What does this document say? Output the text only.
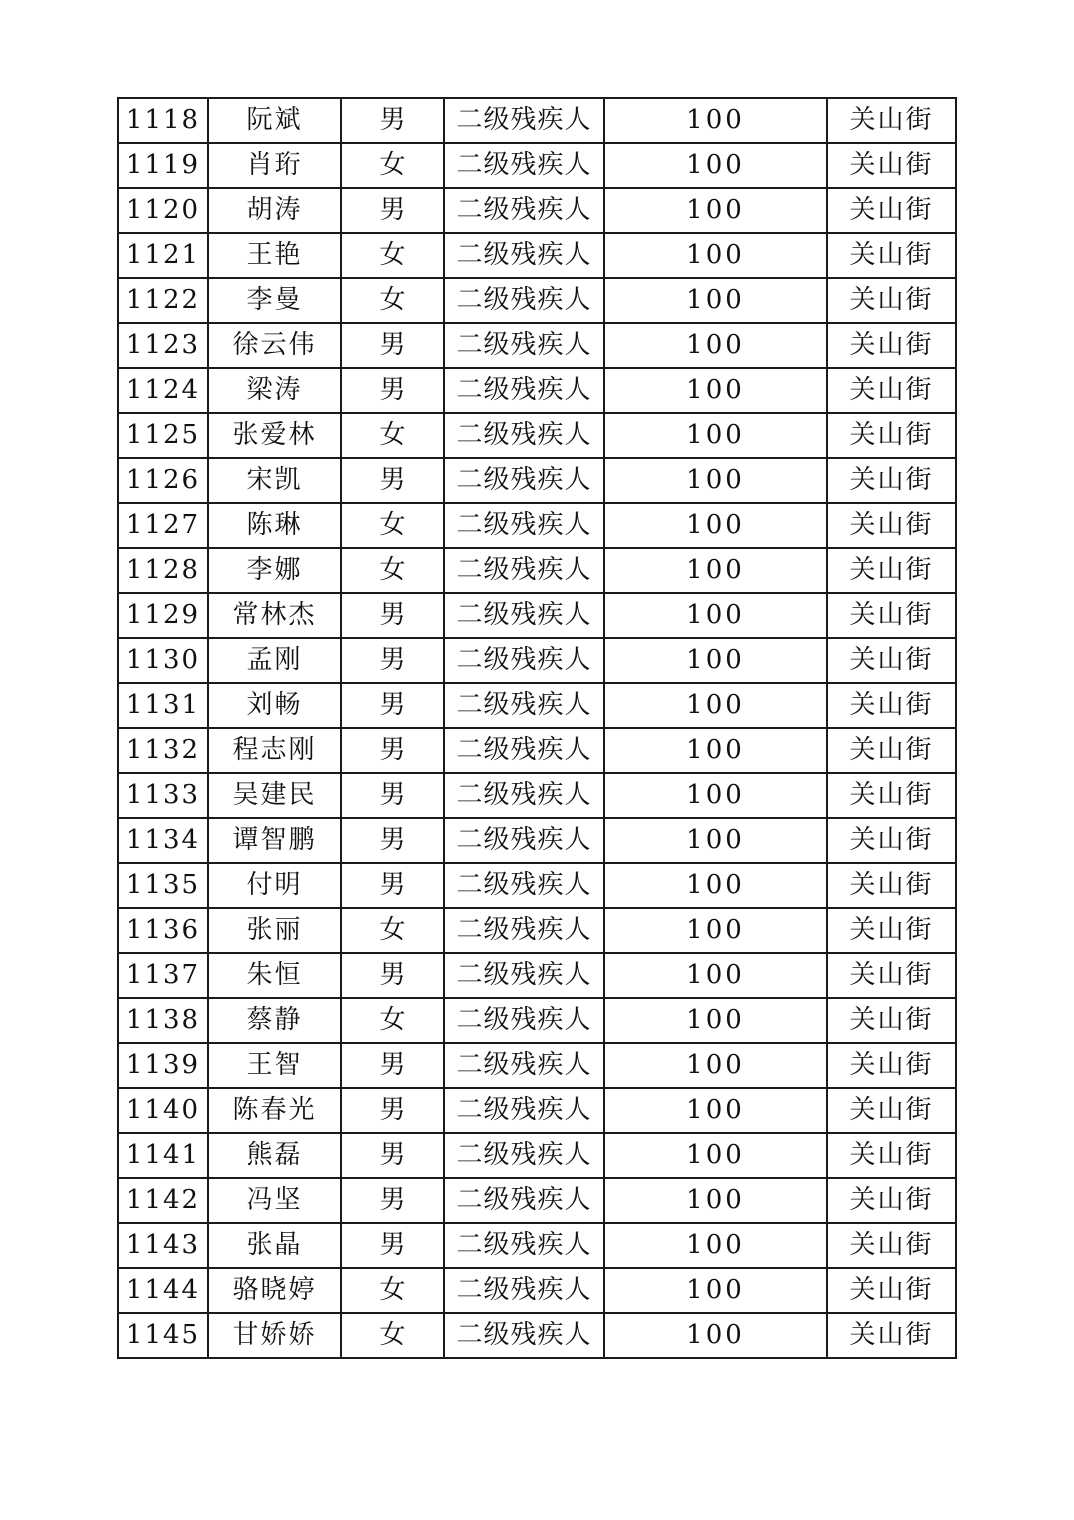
1118	阮斌	男	二级残疾人	100	关山街
1119	肖珩	女	二级残疾人	100	关山街
1120	胡涛	男	二级残疾人	100	关山街
1121	王艳	女	二级残疾人	100	关山街
1122	李曼	女	二级残疾人	100	关山街
1123	徐云伟	男	二级残疾人	100	关山街
1124	梁涛	男	二级残疾人	100	关山街
1125	张爱林	女	二级残疾人	100	关山街
1126	宋凯	男	二级残疾人	100	关山街
1127	陈琳	女	二级残疾人	100	关山街
1128	李娜	女	二级残疾人	100	关山街
1129	常林杰	男	二级残疾人	100	关山街
1130	孟刚	男	二级残疾人	100	关山街
1131	刘畅	男	二级残疾人	100	关山街
1132	程志刚	男	二级残疾人	100	关山街
1133	吴建民	男	二级残疾人	100	关山街
1134	谭智鹏	男	二级残疾人	100	关山街
1135	付明	男	二级残疾人	100	关山街
1136	张丽	女	二级残疾人	100	关山街
1137	朱恒	男	二级残疾人	100	关山街
1138	蔡静	女	二级残疾人	100	关山街
1139	王智	男	二级残疾人	100	关山街
1140	陈春光	男	二级残疾人	100	关山街
1141	熊磊	男	二级残疾人	100	关山街
1142	冯坚	男	二级残疾人	100	关山街
1143	张晶	男	二级残疾人	100	关山街
1144	骆晓婷	女	二级残疾人	100	关山街
1145	甘娇娇	女	二级残疾人	100	关山街
